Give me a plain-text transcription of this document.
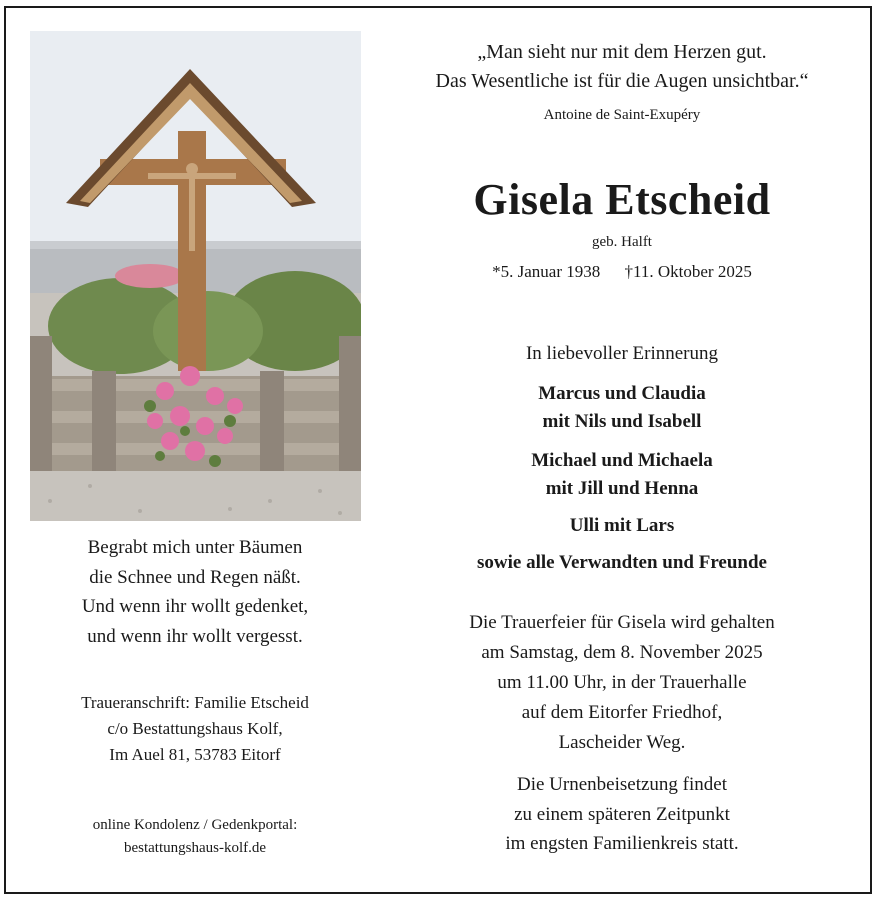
Begrabt mich unter Bäumen
die Schnee und Regen näßt.
Und wenn ihr wollt gedenket,
und wenn ihr wollt vergesst.
Traueranschrift: Familie Etscheid
c/o Bestattungshaus Kolf,
Im Auel 81, 53783 Eitorf
online Kondolenz / Gedenkportal:
bestattungshaus-kolf.de
„Man sieht nur mit dem Herzen gut.
Das Wesentliche ist für die Augen unsichtbar.“
Antoine de Saint-Exupéry
Gisela Etscheid
geb. Halft
*5. Januar 1938 †11. Oktober 2025
In liebevoller Erinnerung
Marcus und Claudia
mit Nils und Isabell
Michael und Michaela
mit Jill und Henna
Ulli mit Lars
sowie alle Verwandten und Freunde
Die Trauerfeier für Gisela wird gehalten
am Samstag, dem 8. November 2025
um 11.00 Uhr, in der Trauerhalle
auf dem Eitorfer Friedhof,
Lascheider Weg.
Die Urnenbeisetzung findet
zu einem späteren Zeitpunkt
im engsten Familienkreis statt.
